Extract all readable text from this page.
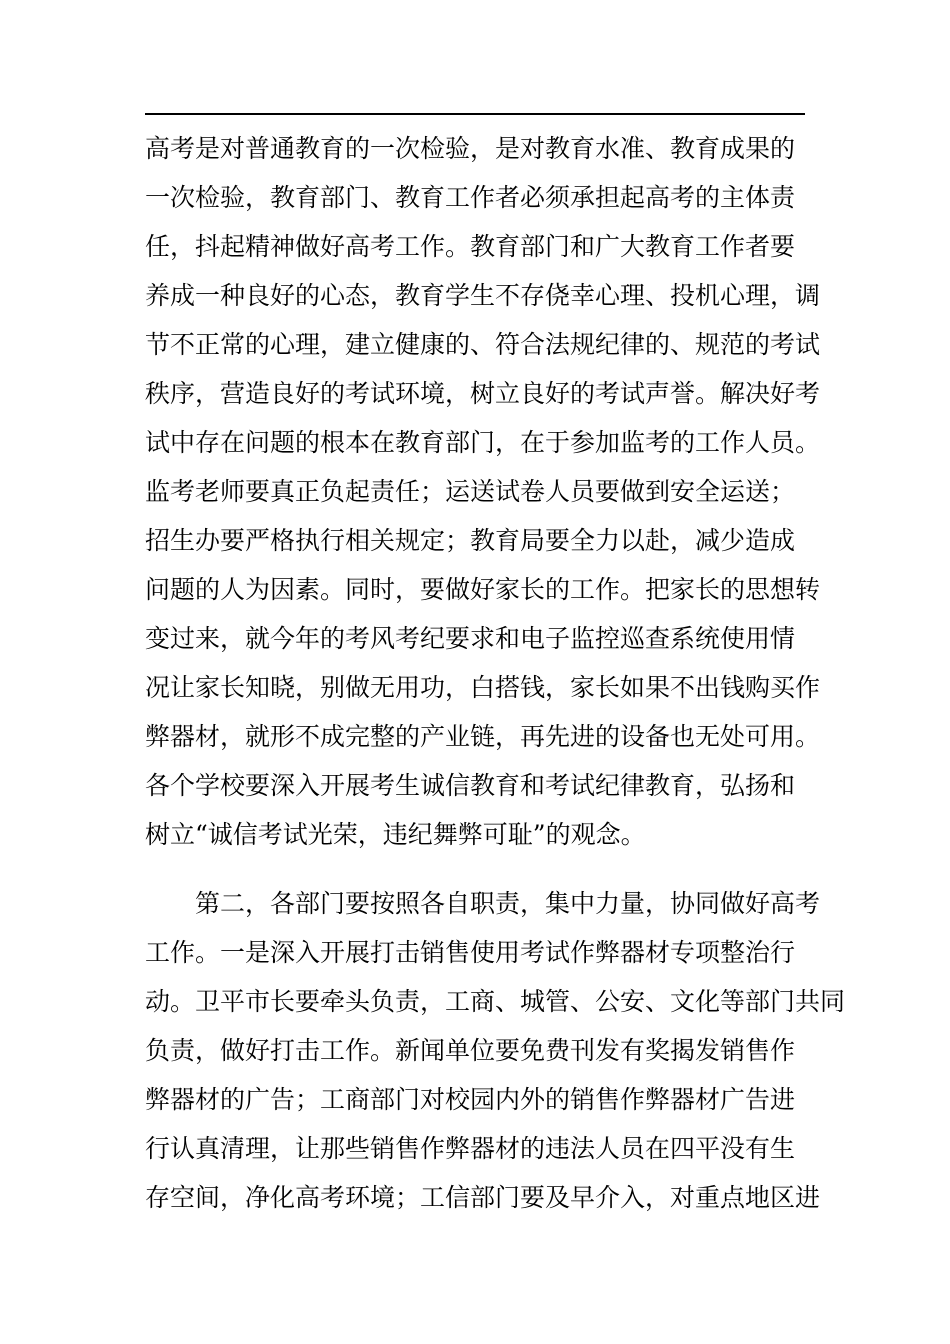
高考是对普通教育的一次检验，是对教育水准、教育成果的
一次检验，教育部门、教育工作者必须承担起高考的主体责
任，抖起精神做好高考工作。教育部门和广大教育工作者要
养成一种良好的心态，教育学生不存侥幸心理、投机心理，调
节不正常的心理，建立健康的、符合法规纪律的、规范的考试
秩序，营造良好的考试环境，树立良好的考试声誉。解决好考
试中存在问题的根本在教育部门，在于参加监考的工作人员。
监考老师要真正负起责任；运送试卷人员要做到安全运送；
招生办要严格执行相关规定；教育局要全力以赴，减少造成
问题的人为因素。同时，要做好家长的工作。把家长的思想转
变过来，就今年的考风考纪要求和电子监控巡查系统使用情
况让家长知晓，别做无用功，白搭钱，家长如果不出钱购买作
弊器材，就形不成完整的产业链，再先进的设备也无处可用。
各个学校要深入开展考生诚信教育和考试纪律教育，弘扬和
树立“诚信考试光荣，违纪舞弊可耻”的观念。
第二，各部门要按照各自职责，集中力量，协同做好高考
工作。一是深入开展打击销售使用考试作弊器材专项整治行
动。卫平市长要牵头负责，工商、城管、公安、文化等部门共同
负责，做好打击工作。新闻单位要免费刊发有奖揭发销售作
弊器材的广告；工商部门对校园内外的销售作弊器材广告进
行认真清理，让那些销售作弊器材的违法人员在四平没有生
存空间，净化高考环境；工信部门要及早介入，对重点地区进
